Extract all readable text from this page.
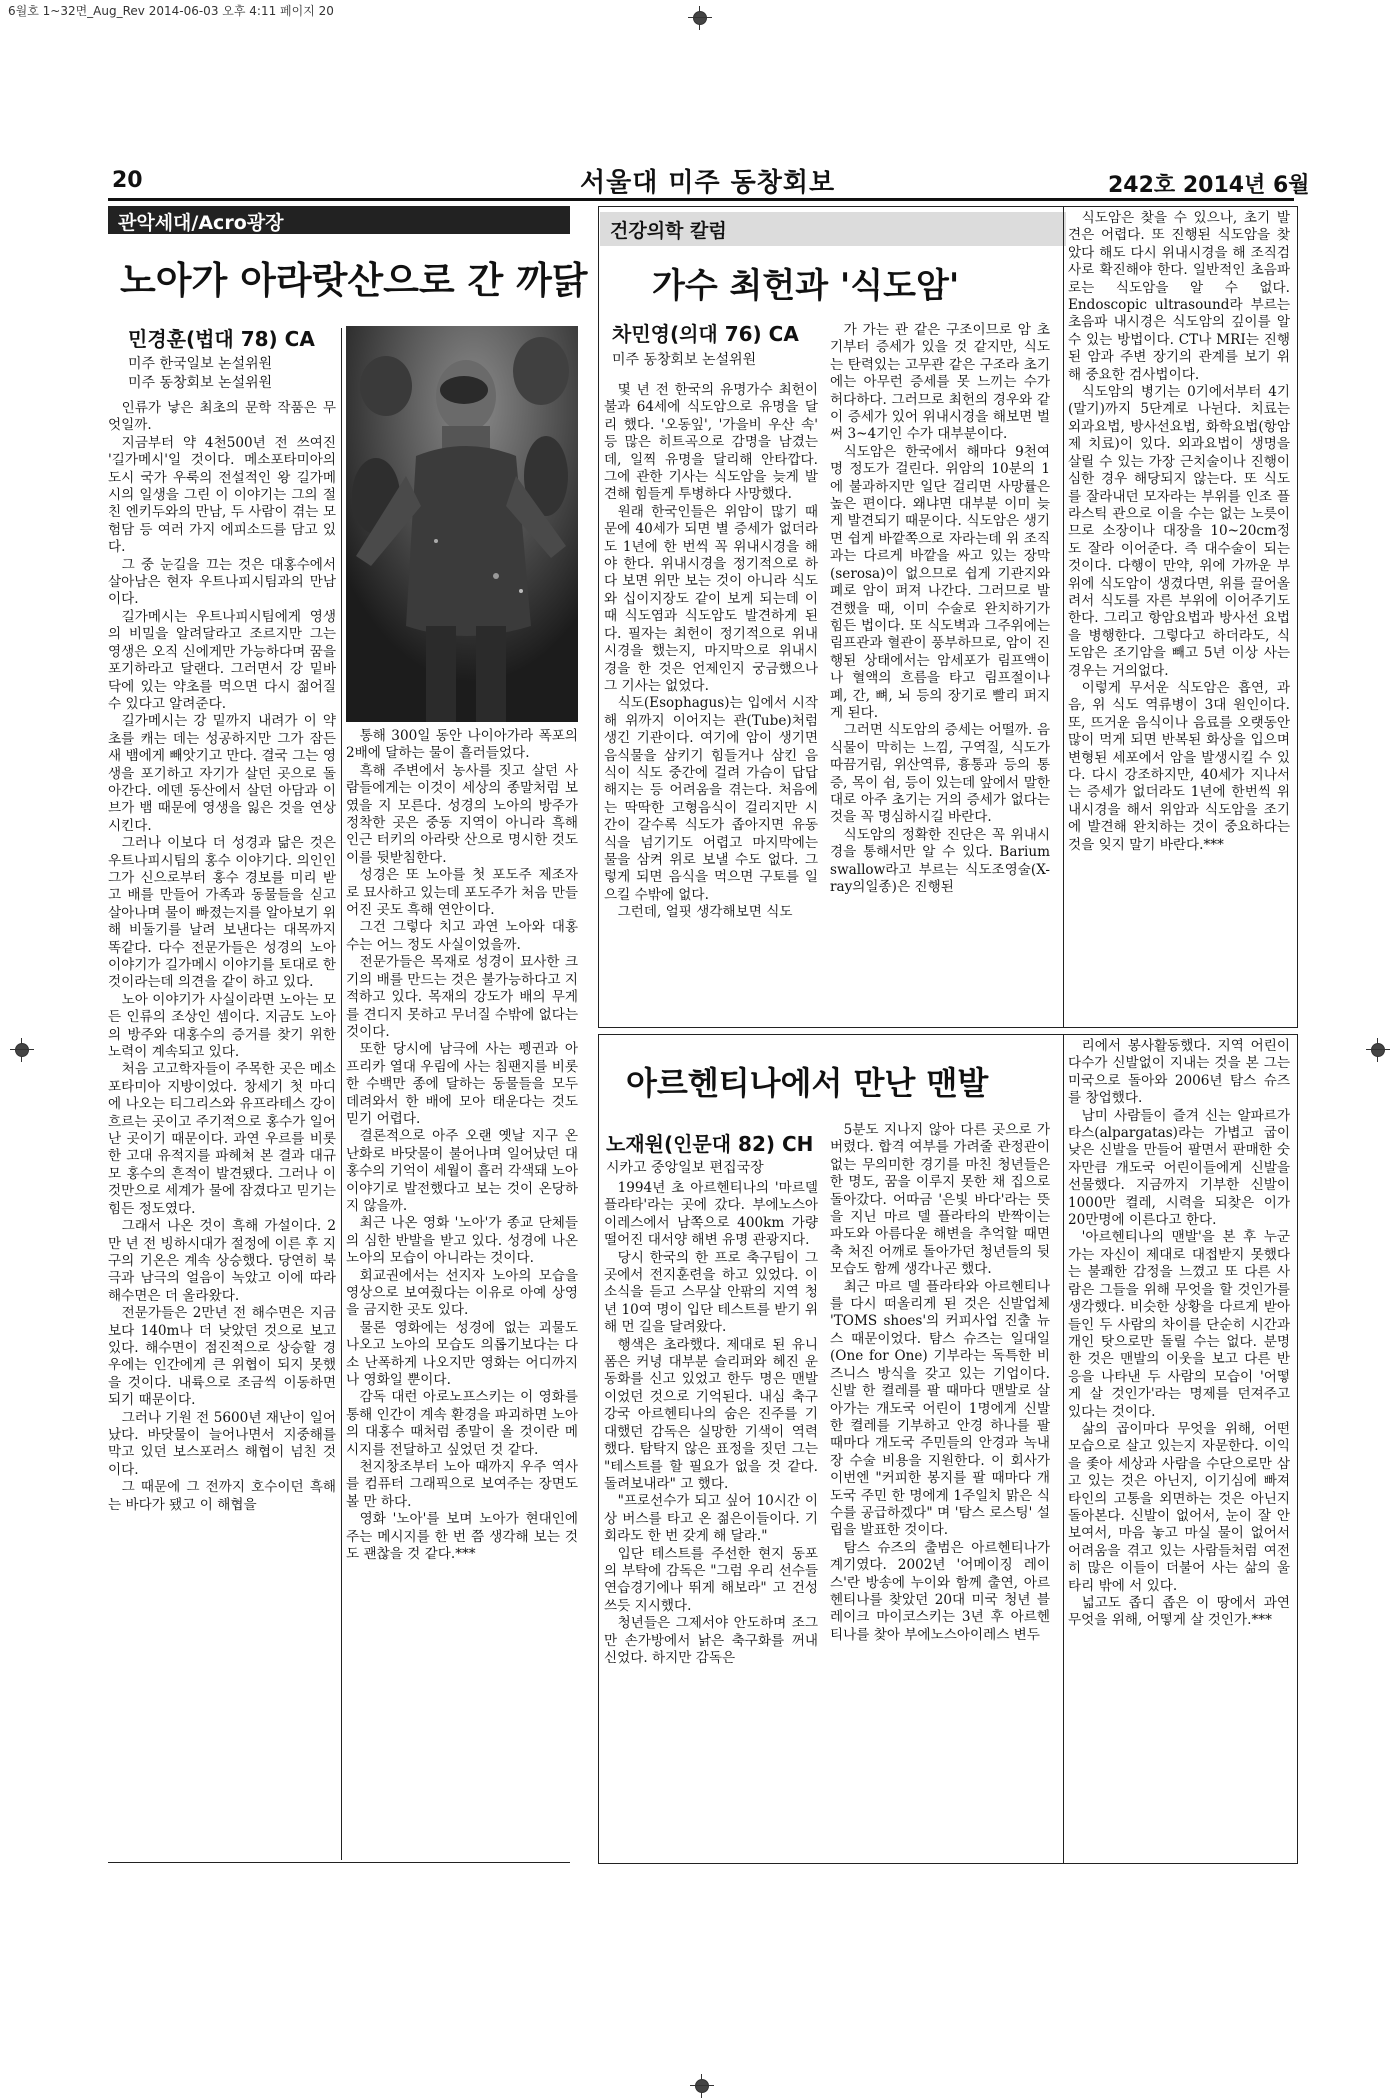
6월호 1~32면_Aug_Rev 2014-06-03 오후 4:11 페이지 20
20	서울대 미주 동창회보	242호 2014년 6월
관악세대/Acro광장
노아가 아라랏산으로 간 까닭
민경훈(법대 78) CA
미주 한국일보 논설위원
미주 동창회보 논설위원

인류가 낳은 최초의 문학 작품은 무엇일까.

지금부터 약 4천500년 전 쓰여진 '길가메시'일 것이다. 메소포타미아의 도시 국가 우룩의 전설적인 왕 길가메시의 일생을 그린 이 이야기는 그의 절친 엔키두와의 만남, 두 사람이 겪는 모험담 등 여러 가지 에피소드를 담고 있다.

그 중 눈길을 끄는 것은 대홍수에서 살아남은 현자 우트나피시팀과의 만남이다.

길가메시는 우트나피시팀에게 영생의 비밀을 알려달라고 조르지만 그는 영생은 오직 신에게만 가능하다며 꿈을 포기하라고 달랜다. 그러면서 강 밑바닥에 있는 약초를 먹으면 다시 젊어질 수 있다고 알려준다.

길가메시는 강 밑까지 내려가 이 약초를 캐는 데는 성공하지만 그가 잠든 새 뱀에게 빼앗기고 만다. 결국 그는 영생을 포기하고 자기가 살던 곳으로 돌아간다. 에덴 동산에서 살던 아담과 이브가 뱀 때문에 영생을 잃은 것을 연상시킨다.

그러나 이보다 더 성경과 닮은 것은 우트나피시팀의 홍수 이야기다. 의인인 그가 신으로부터 홍수 경보를 미리 받고 배를 만들어 가족과 동물들을 싣고 살아나며 물이 빠졌는지를 알아보기 위해 비둘기를 날려 보낸다는 대목까지 똑같다. 다수 전문가들은 성경의 노아 이야기가 길가메시 이야기를 토대로 한 것이라는데 의견을 같이 하고 있다.

노아 이야기가 사실이라면 노아는 모든 인류의 조상인 셈이다. 지금도 노아의 방주와 대홍수의 증거를 찾기 위한 노력이 계속되고 있다.

처음 고고학자들이 주목한 곳은 메소포타미아 지방이었다. 창세기 첫 마디에 나오는 티그리스와 유프라테스 강이 흐르는 곳이고 주기적으로 홍수가 일어난 곳이기 때문이다. 과연 우르를 비롯한 고대 유적지를 파헤쳐 본 결과 대규모 홍수의 흔적이 발견됐다. 그러나 이것만으로 세계가 물에 잠겼다고 믿기는 힘든 정도였다.

그래서 나온 것이 흑해 가설이다. 2만 년 전 빙하시대가 절정에 이른 후 지구의 기온은 계속 상승했다. 당연히 북극과 남극의 얼음이 녹았고 이에 따라 해수면은 더 올라왔다.

전문가들은 2만년 전 해수면은 지금보다 140m나 더 낮았던 것으로 보고 있다. 해수면이 점진적으로 상승할 경우에는 인간에게 큰 위협이 되지 못했을 것이다. 내륙으로 조금씩 이동하면 되기 때문이다.

그러나 기원 전 5600년 재난이 일어났다. 바닷물이 늘어나면서 지중해를 막고 있던 보스포러스 해협이 넘친 것이다.

그 때문에 그 전까지 호수이던 흑해는 바다가 됐고 이 해협을

통해 300일 동안 나이아가라 폭포의 2배에 달하는 물이 흘러들었다.

흑해 주변에서 농사를 짓고 살던 사람들에게는 이것이 세상의 종말처럼 보였을 지 모른다. 성경의 노아의 방주가 정착한 곳은 중동 지역이 아니라 흑해 인근 터키의 아라랏 산으로 명시한 것도 이를 뒷받침한다.

성경은 또 노아를 첫 포도주 제조자로 묘사하고 있는데 포도주가 처음 만들어진 곳도 흑해 연안이다.

그건 그렇다 치고 과연 노아와 대홍수는 어느 정도 사실이었을까.

전문가들은 목재로 성경이 묘사한 크기의 배를 만드는 것은 불가능하다고 지적하고 있다. 목재의 강도가 배의 무게를 견디지 못하고 무너질 수밖에 없다는 것이다.

또한 당시에 남극에 사는 펭귄과 아프리카 열대 우림에 사는 침팬지를 비롯한 수백만 종에 달하는 동물들을 모두 데려와서 한 배에 모아 태운다는 것도 믿기 어렵다.

결론적으로 아주 오랜 옛날 지구 온난화로 바닷물이 불어나며 일어났던 대홍수의 기억이 세월이 흘러 각색돼 노아 이야기로 발전했다고 보는 것이 온당하지 않을까.

최근 나온 영화 '노아'가 종교 단체들의 심한 반발을 받고 있다. 성경에 나온 노아의 모습이 아니라는 것이다.

회교권에서는 선지자 노아의 모습을 영상으로 보여줬다는 이유로 아예 상영을 금지한 곳도 있다.

물론 영화에는 성경에 없는 괴물도 나오고 노아의 모습도 의롭기보다는 다소 난폭하게 나오지만 영화는 어디까지나 영화일 뿐이다.

감독 대런 아로노프스키는 이 영화를 통해 인간이 계속 환경을 파괴하면 노아의 대홍수 때처럼 종말이 올 것이란 메시지를 전달하고 싶었던 것 같다.

천지창조부터 노아 때까지 우주 역사를 컴퓨터 그래픽으로 보여주는 장면도 볼 만 하다.

영화 '노아'를 보며 노아가 현대인에 주는 메시지를 한 번 쯤 생각해 보는 것도 괜찮을 것 같다.***

건강의학 칼럼
가수 최헌과 '식도암'
차민영(의대 76) CA
미주 동창회보 논설위원

몇 년 전 한국의 유명가수 최헌이 불과 64세에 식도암으로 유명을 달리 했다. '오동잎', '가을비 우산 속' 등 많은 히트곡으로 감명을 남겼는데, 일찍 유명을 달리해 안타깝다. 그에 관한 기사는 식도암을 늦게 발견해 힘들게 투병하다 사망했다.

원래 한국인들은 위암이 많기 때문에 40세가 되면 별 증세가 없더라도 1년에 한 번씩 꼭 위내시경을 해야 한다. 위내시경을 정기적으로 하다 보면 위만 보는 것이 아니라 식도와 십이지장도 같이 보게 되는데 이때 식도염과 식도암도 발견하게 된다. 필자는 최헌이 정기적으로 위내시경을 했는지, 마지막으로 위내시경을 한 것은 언제인지 궁금했으나 그 기사는 없었다.

식도(Esophagus)는 입에서 시작해 위까지 이어지는 관(Tube)처럼 생긴 기관이다. 여기에 암이 생기면 음식물을 삼키기 힘들거나 삼킨 음식이 식도 중간에 걸려 가슴이 답답해지는 등 어려움을 겪는다. 처음에는 딱딱한 고형음식이 걸리지만 시간이 갈수록 식도가 좁아지면 유동식을 넘기기도 어렵고 마지막에는 물을 삼켜 위로 보낼 수도 없다. 그렇게 되면 음식을 먹으면 구토를 일으킬 수밖에 없다.

그런데, 얼핏 생각해보면 식도

가 가는 관 같은 구조이므로 암 초기부터 증세가 있을 것 같지만, 식도는 탄력있는 고무관 같은 구조라 초기에는 아무런 증세를 못 느끼는 수가 허다하다. 그러므로 최헌의 경우와 같이 증세가 있어 위내시경을 해보면 벌써 3~4기인 수가 대부분이다.

식도암은 한국에서 해마다 9천여 명 정도가 걸린다. 위암의 10분의 1에 불과하지만 일단 걸리면 사망률은 높은 편이다. 왜냐면 대부분 이미 늦게 발견되기 때문이다. 식도암은 생기면 쉽게 바깥쪽으로 자라는데 위 조직과는 다르게 바깥을 싸고 있는 장막(serosa)이 없으므로 쉽게 기관지와 폐로 암이 퍼져 나간다. 그러므로 발견했을 때, 이미 수술로 완치하기가 힘든 법이다. 또 식도벽과 그주위에는 림프관과 혈관이 풍부하므로, 암이 진행된 상태에서는 암세포가 림프액이나 혈액의 흐름을 타고 림프절이나 폐, 간, 뼈, 뇌 등의 장기로 빨리 퍼지게 된다.

그러면 식도암의 증세는 어떨까. 음식물이 막히는 느낌, 구역질, 식도가 따끔거림, 위산역류, 흉통과 등의 통증, 목이 쉼, 등이 있는데 앞에서 말한 대로 아주 초기는 거의 증세가 없다는 것을 꼭 명심하시길 바란다.

식도암의 정확한 진단은 꼭 위내시경을 통해서만 알 수 있다. Barium swallow라고 부르는 식도조영술(X-ray의일종)은 진행된

식도암은 찾을 수 있으나, 초기 발견은 어렵다. 또 진행된 식도암을 찾았다 해도 다시 위내시경을 해 조직검사로 확진해야 한다. 일반적인 초음파로는 식도암을 알 수 없다. Endoscopic ultrasound라 부르는 초음파 내시경은 식도암의 깊이를 알 수 있는 방법이다. CT나 MRI는 진행된 암과 주변 장기의 관계를 보기 위해 중요한 검사법이다.

식도암의 병기는 0기에서부터 4기(말기)까지 5단계로 나뉜다. 치료는 외과요법, 방사선요법, 화학요법(항암제 치료)이 있다. 외과요법이 생명을 살릴 수 있는 가장 근치술이나 진행이 심한 경우 해당되지 않는다. 또 식도를 잘라내던 모자라는 부위를 인조 플라스틱 관으로 이을 수는 없는 노릇이므로 소장이나 대장을 10~20cm정도 잘라 이어준다. 즉 대수술이 되는 것이다. 다행이 만약, 위에 가까운 부위에 식도암이 생겼다면, 위를 끌어올려서 식도를 자른 부위에 이어주기도 한다. 그리고 항암요법과 방사선 요법을 병행한다. 그렇다고 하더라도, 식도암은 조기암을 빼고 5년 이상 사는 경우는 거의없다.

이렇게 무서운 식도암은 흡연, 과음, 위 식도 역류병이 3대 원인이다. 또, 뜨거운 음식이나 음료를 오랫동안 많이 먹게 되면 반복된 화상을 입으며 변형된 세포에서 암을 발생시킬 수 있다. 다시 강조하지만, 40세가 지나서는 증세가 없더라도 1년에 한번씩 위내시경을 해서 위암과 식도암을 조기에 발견해 완치하는 것이 중요하다는 것을 잊지 말기 바란다.***

아르헨티나에서 만난 맨발
노재원(인문대 82) CH
시카고 중앙일보 편집국장

1994년 초 아르헨티나의 '마르델 플라타'라는 곳에 갔다. 부에노스아이레스에서 남쪽으로 400km 가량 떨어진 대서양 해변 유명 관광지다.

당시 한국의 한 프로 축구팀이 그 곳에서 전지훈련을 하고 있었다. 이 소식을 듣고 스무살 안팎의 지역 청년 10여 명이 입단 테스트를 받기 위해 먼 길을 달려왔다.

행색은 초라했다. 제대로 된 유니폼은 커녕 대부분 슬리퍼와 헤진 운동화를 신고 있었고 한두 명은 맨발이었던 것으로 기억된다. 내심 축구 강국 아르헨티나의 숨은 진주를 기대했던 감독은 실망한 기색이 역력했다. 탐탁지 않은 표정을 짓던 그는 "테스트를 할 필요가 없을 것 같다. 돌려보내라" 고 했다.

"프로선수가 되고 싶어 10시간 이상 버스를 타고 온 젊은이들이다. 기회라도 한 번 갖게 해 달라."

입단 테스트를 주선한 현지 동포의 부탁에 감독은 "그럼 우리 선수들 연습경기에나 뛰게 해보라" 고 건성 쓰듯 지시했다.

청년들은 그제서야 안도하며 조그만 손가방에서 낡은 축구화를 꺼내 신었다. 하지만 감독은

5분도 지나지 않아 다른 곳으로 가버렸다. 합격 여부를 가려줄 관정관이 없는 무의미한 경기를 마친 청년들은 한 명도, 꿈을 이루지 못한 채 집으로 돌아갔다. 어따금 '은빛 바다'라는 뜻을 지닌 마르 델 플라타의 반짝이는 파도와 아름다운 해변을 추억할 때면 축 처진 어깨로 돌아가던 청년들의 뒷모습도 함께 생각나곤 했다.

최근 마르 델 플라타와 아르헨티나를 다시 떠올리게 된 것은 신발업체 'TOMS shoes'의 커피사업 진출 뉴스 때문이었다. 탐스 슈즈는 일대일(One for One) 기부라는 독특한 비즈니스 방식을 갖고 있는 기업이다. 신발 한 켤레를 팔 때마다 맨발로 살아가는 개도국 어린이 1명에게 신발한 켤레를 기부하고 안경 하나를 팔 때마다 개도국 주민들의 안경과 녹내장 수술 비용을 지원한다. 이 회사가 이번엔 "커피한 봉지를 팔 때마다 개도국 주민 한 명에게 1주일치 맑은 식수를 공급하겠다" 며 '탐스 로스팅' 설립을 발표한 것이다.

탐스 슈즈의 출범은 아르헨티나가 계기였다. 2002년 '어메이징 레이스'란 방송에 누이와 함께 출연, 아르헨티나를 찾았던 20대 미국 청년 블레이크 마이코스키는 3년 후 아르헨티나를 찾아 부에노스아이레스 변두

리에서 봉사활동했다. 지역 어린이 다수가 신발없이 지내는 것을 본 그는 미국으로 돌아와 2006년 탐스 슈즈를 창업했다.

남미 사람들이 즐겨 신는 알파르가타스(alpargatas)라는 가볍고 굽이 낮은 신발을 만들어 팔면서 판매한 숫자만큼 개도국 어린이들에게 신발을 선물했다. 지금까지 기부한 신발이 1000만 켤레, 시력을 되찾은 이가 20만명에 이른다고 한다.

'아르헨티나의 맨발'을 본 후 누군가는 자신이 제대로 대접받지 못했다는 불쾌한 감정을 느꼈고 또 다른 사람은 그들을 위해 무엇을 할 것인가를 생각했다. 비슷한 상황을 다르게 받아들인 두 사람의 차이를 단순히 시간과 개인 탓으로만 돌릴 수는 없다. 분명한 것은 맨발의 이웃을 보고 다른 반응을 나타낸 두 사람의 모습이 '어떻게 살 것인가'라는 명제를 던져주고 있다는 것이다.

삶의 곱이마다 무엇을 위해, 어떤 모습으로 살고 있는지 자문한다. 이익을 좇아 세상과 사람을 수단으로만 삼고 있는 것은 아닌지, 이기심에 빠져 타인의 고통을 외면하는 것은 아닌지 돌아본다. 신발이 없어서, 눈이 잘 안 보여서, 마음 놓고 마실 물이 없어서 어려움을 겪고 있는 사람들처럼 여전히 많은 이들이 더불어 사는 삶의 울타리 밖에 서 있다.

넓고도 좁디 좁은 이 땅에서 과연 무엇을 위해, 어떻게 살 것인가.***
